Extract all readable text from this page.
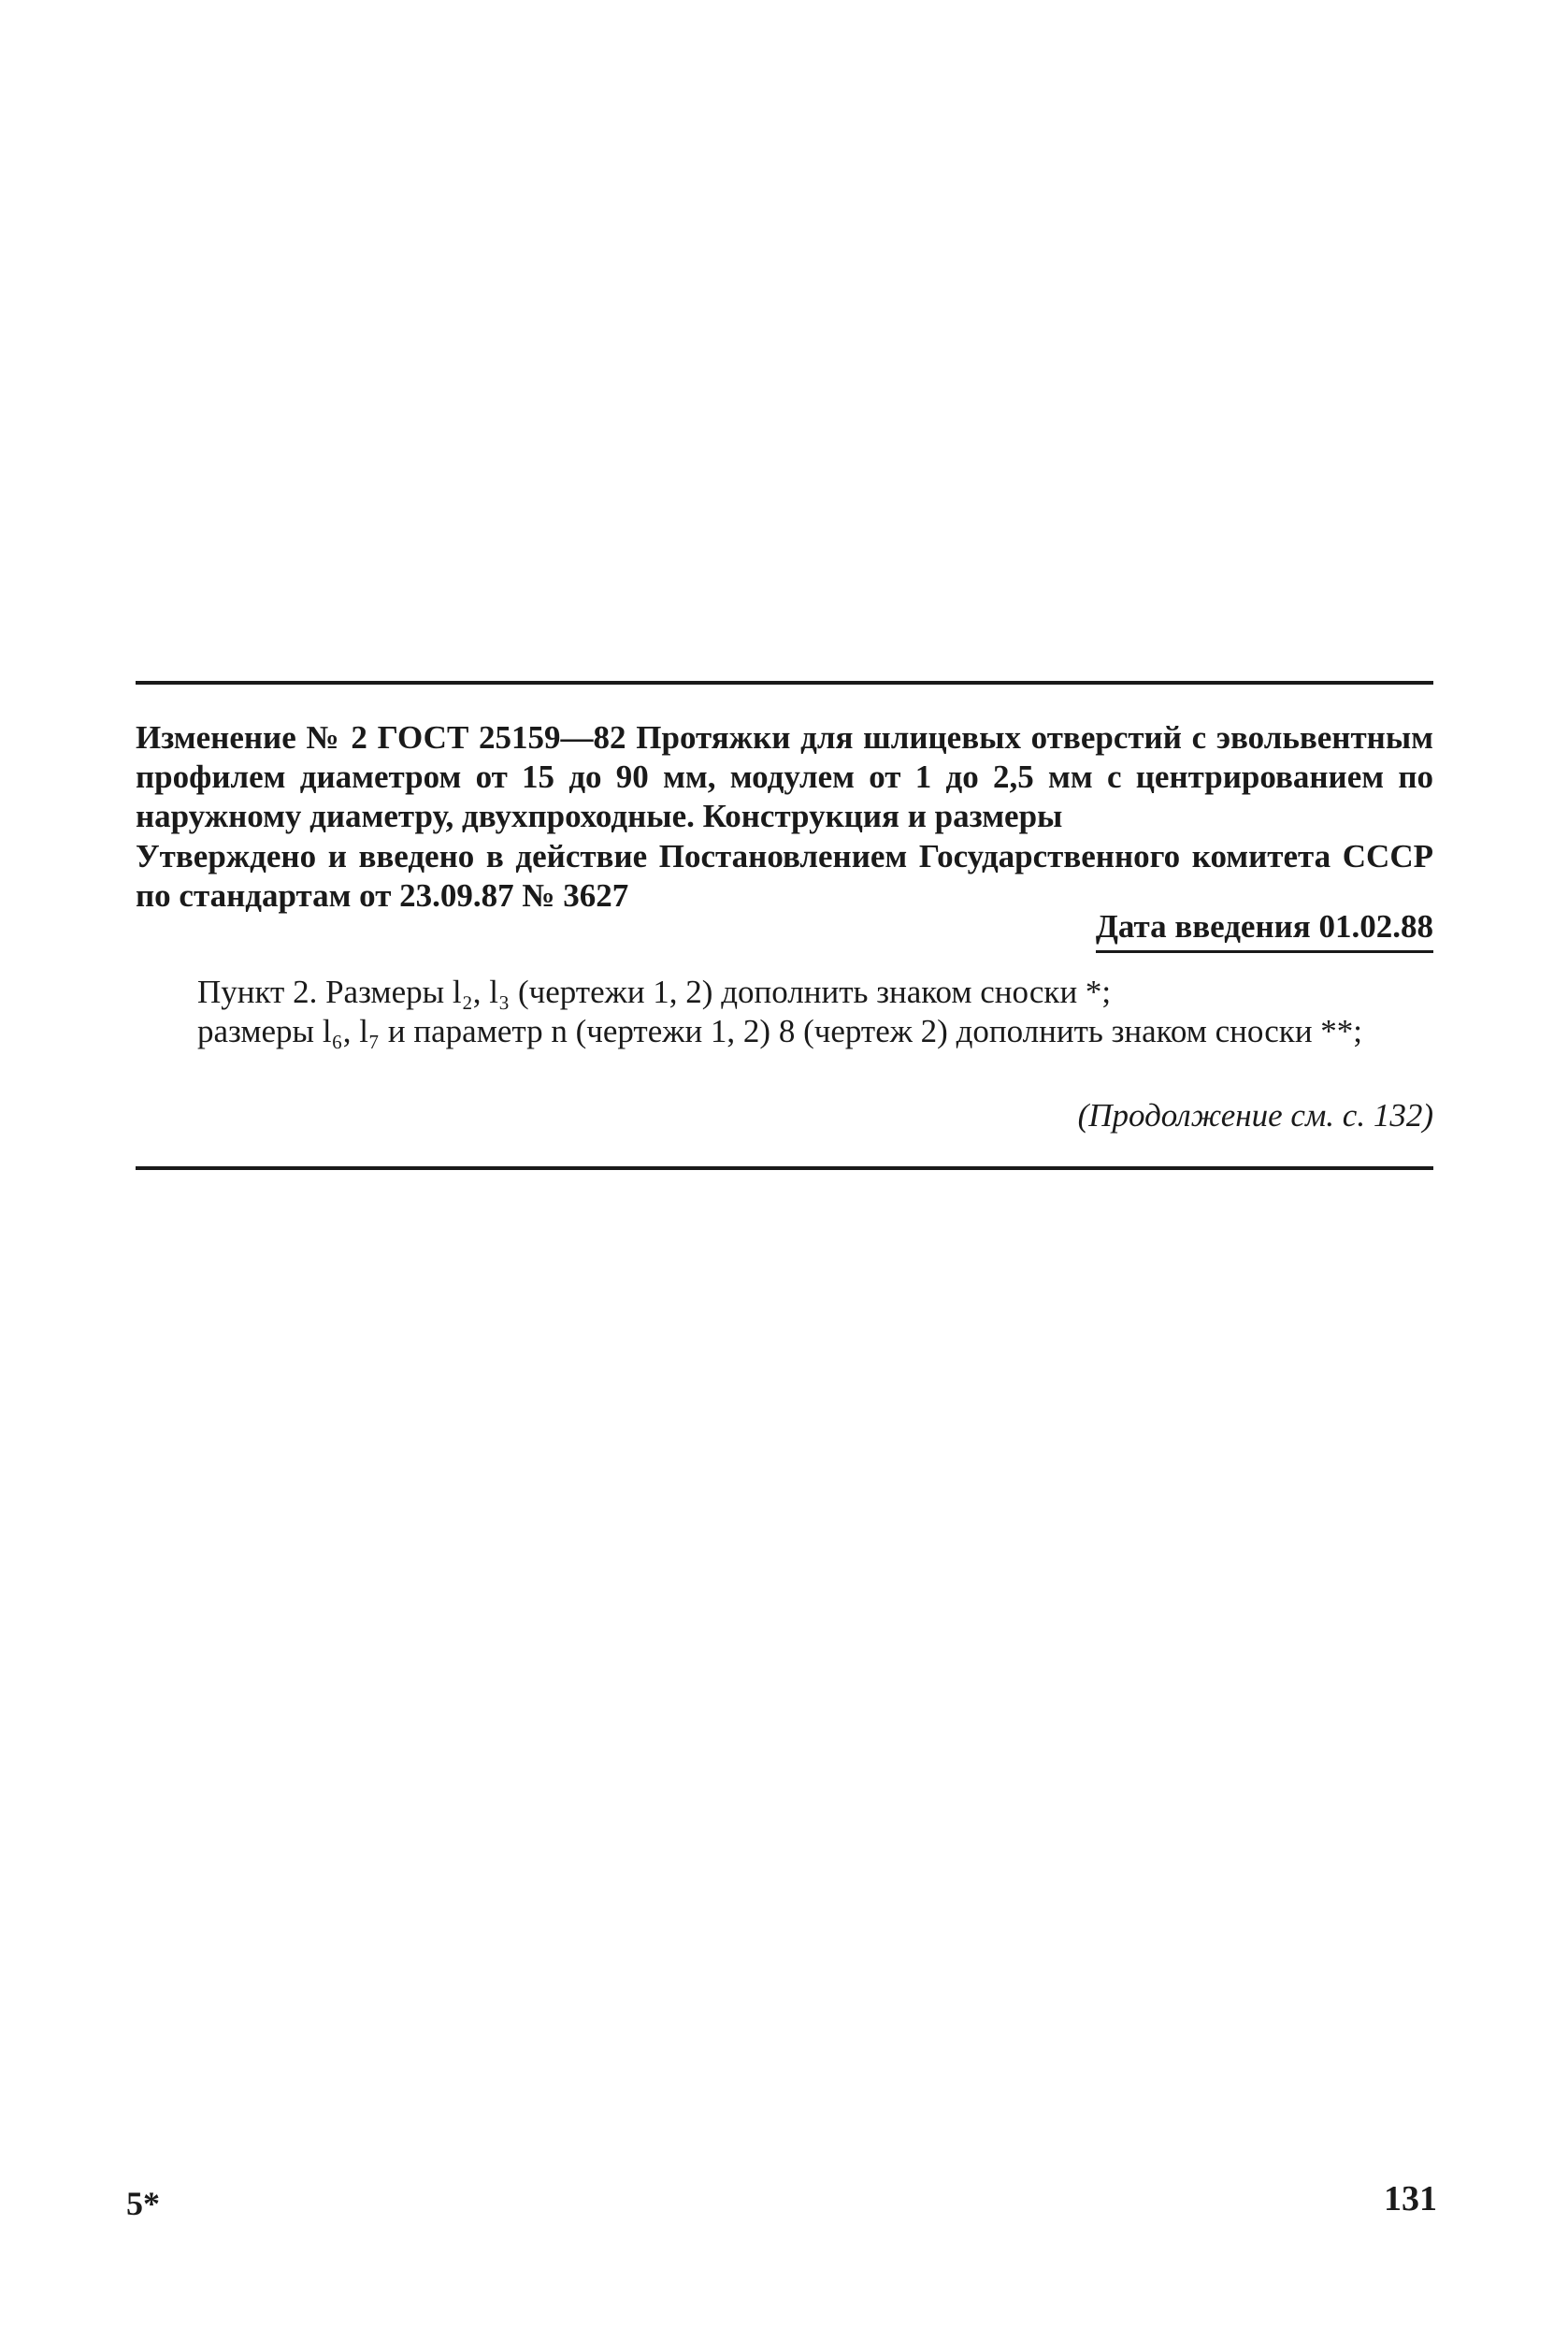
Изменение № 2 ГОСТ 25159—82 Протяжки для шлицевых отверстий с эвольвентным профилем диаметром от 15 до 90 мм, модулем от 1 до 2,5 мм с центрированием по наружному диаметру, двухпроходные. Конструкция и размеры
Утверждено и введено в действие Постановлением Государственного комитета СССР по стандартам от 23.09.87 № 3627
Дата введения 01.02.88
Пункт 2. Размеры l₂, l₃ (чертежи 1, 2) дополнить знаком сноски *;
размеры l₆, l₇ и параметр n (чертежи 1, 2) 8 (чертеж 2) дополнить знаком сноски **;
(Продолжение см. с. 132)
5*	131
